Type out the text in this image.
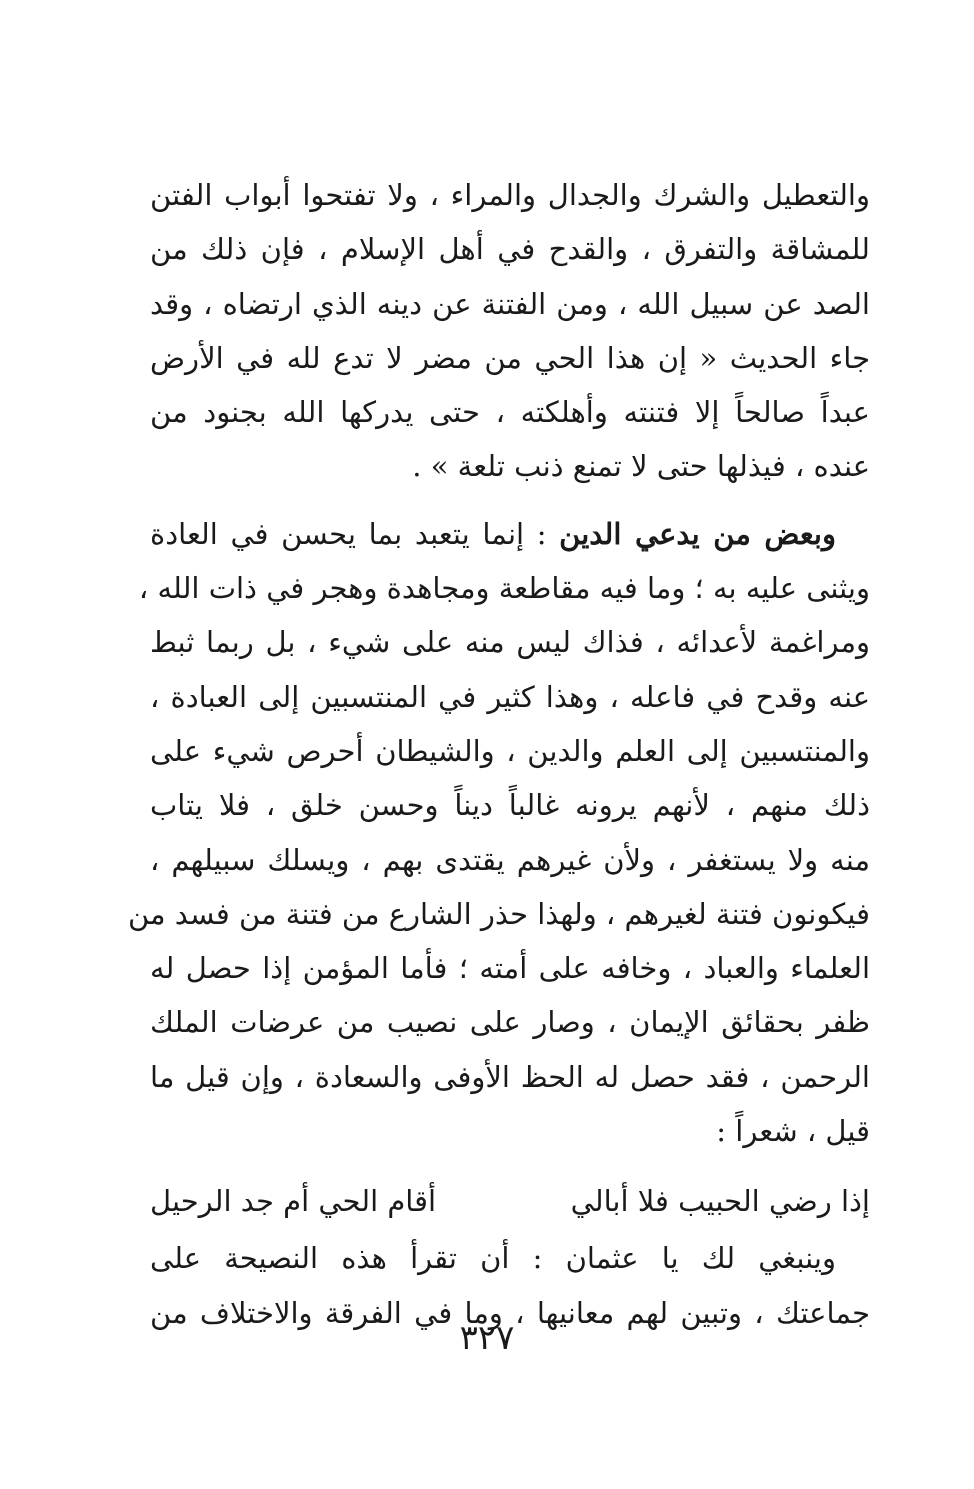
والتعطيل والشرك والجدال والمراء ، ولا تفتحوا أبواب الفتن
للمشاقة والتفرق ، والقدح في أهل الإسلام ، فإن ذلك من
الصد عن سبيل الله ، ومن الفتنة عن دينه الذي ارتضاه ، وقد
جاء الحديث « إن هذا الحي من مضر لا تدع لله في الأرض
عبداً صالحاً إلا فتنته وأهلكته ، حتى يدركها الله بجنود من
عنده ، فيذلها حتى لا تمنع ذنب تلعة » .
وبعض من يدعي الدين : إنما يتعبد بما يحسن في العادة
ويثنى عليه به ؛ وما فيه مقاطعة ومجاهدة وهجر في ذات الله ،
ومراغمة لأعدائه ، فذاك ليس منه على شيء ، بل ربما ثبط
عنه وقدح في فاعله ، وهذا كثير في المنتسبين إلى العبادة ،
والمنتسبين إلى العلم والدين ، والشيطان أحرص شيء على
ذلك منهم ، لأنهم يرونه غالباً ديناً وحسن خلق ، فلا يتاب
منه ولا يستغفر ، ولأن غيرهم يقتدى بهم ، ويسلك سبيلهم ،
فيكونون فتنة لغيرهم ، ولهذا حذر الشارع من فتنة من فسد من
العلماء والعباد ، وخافه على أمته ؛ فأما المؤمن إذا حصل له
ظفر بحقائق الإيمان ، وصار على نصيب من عرضات الملك
الرحمن ، فقد حصل له الحظ الأوفى والسعادة ، وإن قيل ما
قيل ، شعراً :
إذا رضي الحبيب فلا أبالي
أقام الحي أم جد الرحيل
وينبغي لك يا عثمان : أن تقرأ هذه النصيحة على
جماعتك ، وتبين لهم معانيها ، وما في الفرقة والاختلاف من
٣٢٧
